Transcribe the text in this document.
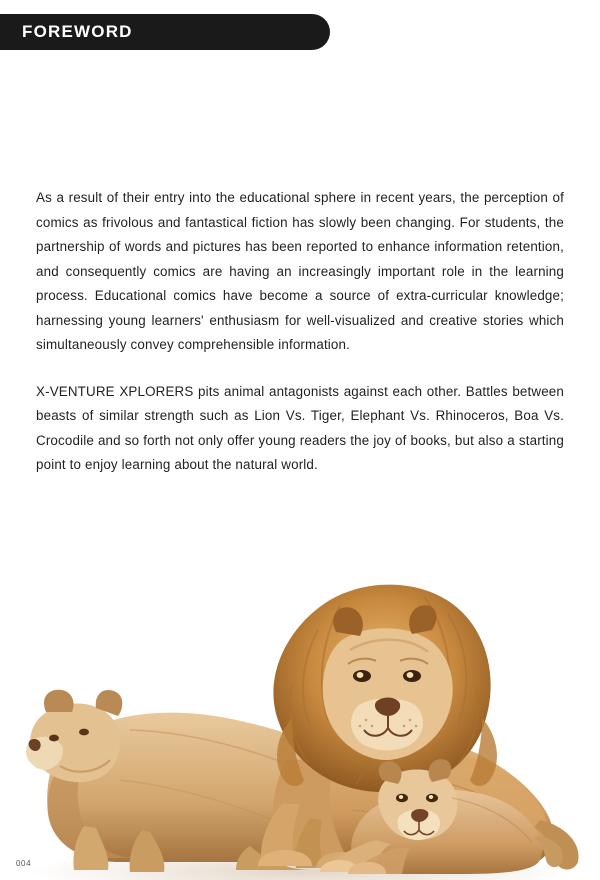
FOREWORD

As a result of their entry into the educational sphere in recent years, the perception of comics as frivolous and fantastical fiction has slowly been changing. For students, the partnership of words and pictures has been reported to enhance information retention, and consequently comics are having an increasingly important role in the learning process. Educational comics have become a source of extra-curricular knowledge; harnessing young learners' enthusiasm for well-visualized and creative stories which simultaneously convey comprehensible information.

X-VENTURE XPLORERS pits animal antagonists against each other. Battles between beasts of similar strength such as Lion Vs. Tiger, Elephant Vs. Rhinoceros, Boa Vs. Crocodile and so forth not only offer young readers the joy of books, but also a starting point to enjoy learning about the natural world.

004
